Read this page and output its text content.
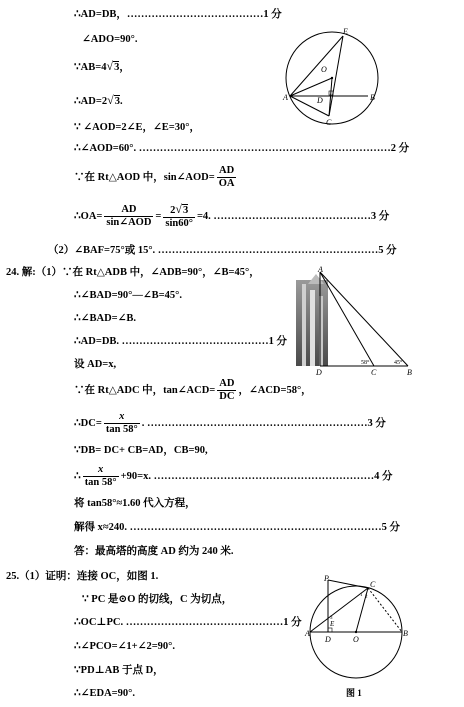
∴AD=DB，…………………………………1 分
∠ADO=90°.
∵AB=4√3，
∴AD=2√3.
∵ ∠AOD=2∠E，∠E=30°，
∴∠AOD=60°. ………………………………………………………………2 分
∵在 Rt△AOD 中，sin∠AOD= $\frac{AD}{OA}$
∴OA= $\frac{AD}{\text{sin∠AOD}} = \frac{2√3}{\sin 60^\circ} =4$. ………………………………………3 分
（2）∠BAF=75°或 15°. ………………………………………………………5 分
24. 解:（1）∵在 Rt△ADB 中，∠ADB=90°，∠B=45°，
∴∠BAD=90°—∠B=45°.
∴∠BAD=∠B.
∴AD=DB. ……………………………………1 分
设 AD=x,
∵在 Rt△ADC 中，tan∠ACD= $\frac{AD}{DC}$ ，∠ACD=58°，
∴DC= $\frac{x}{\tan 58^\circ}$ . ………………………………………………………3 分
∵DB= DC+ CB=AD，CB=90,
∴ $\frac{x}{\tan 58^\circ} +90=x$. ………………………………………………………4 分
将 tan58°≈1.60 代入方程，
解得 x≈240. ………………………………………………………………5 分
答：最高塔的高度 AD 约为 240 米.
25.（1）证明：连接 OC，如图 1.
∵ PC 是⊙O 的切线，C 为切点，
∴OC⊥PC. ………………………………………1 分
∴∠PCO=∠1+∠2=90°.
∵PD⊥AB 于点 D，
∴∠EDA=90°.
E
O
A	D	B
C
A
D	C	B
58°	45°
P
C
A
E
D	O
B
1 2
3
图 1
